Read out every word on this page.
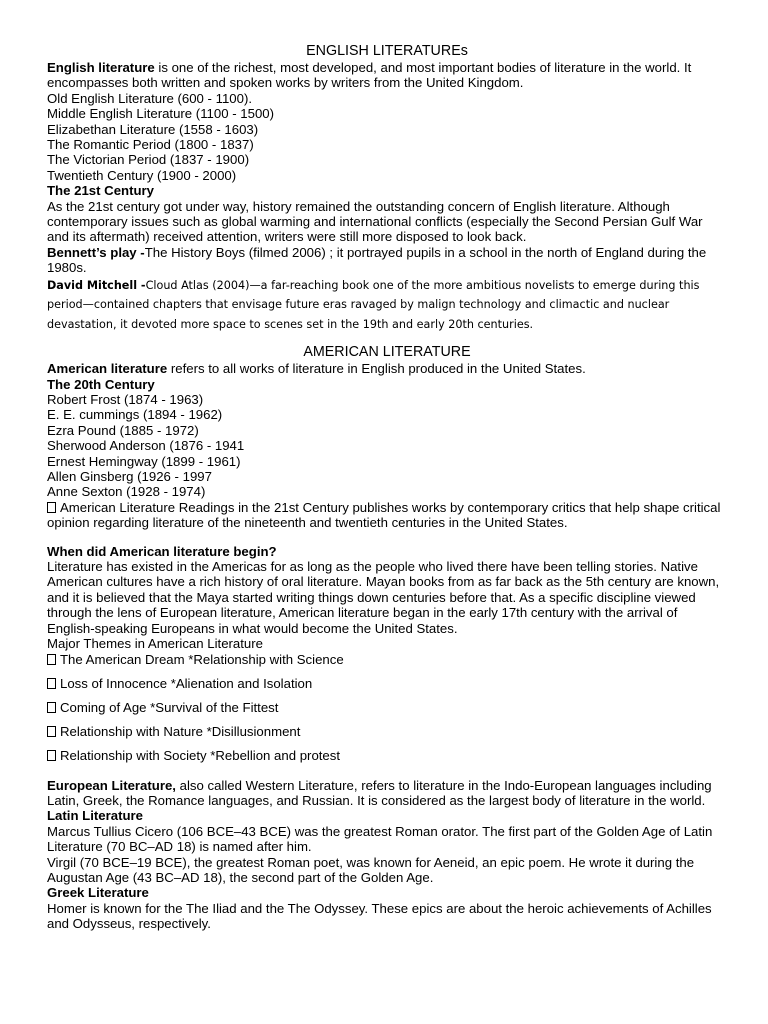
ENGLISH LITERATUREs

English literature is one of the richest, most developed, and most important bodies of literature in the world. It encompasses both written and spoken works by writers from the United Kingdom.

Old English Literature (600 - 1100).

Middle English Literature (1100 - 1500)

Elizabethan Literature (1558 - 1603)

The Romantic Period (1800 - 1837)

The Victorian Period (1837 - 1900)

Twentieth Century (1900 - 2000)

The 21st Century

As the 21st century got under way, history remained the outstanding concern of English literature. Although contemporary issues such as global warming and international conflicts (especially the Second Persian Gulf War and its aftermath) received attention, writers were still more disposed to look back.

Bennett’s play -The History Boys (filmed 2006) ; it portrayed pupils in a school in the north of England during the 1980s.

David Mitchell -Cloud Atlas (2004)—a far-reaching book one of the more ambitious novelists to emerge during this period—contained chapters that envisage future eras ravaged by malign technology and climactic and nuclear devastation, it devoted more space to scenes set in the 19th and early 20th centuries.

AMERICAN LITERATURE

American literature refers to all works of literature in English produced in the United States.

The 20th Century

Robert Frost (1874 - 1963)

E. E. cummings (1894 - 1962)

Ezra Pound (1885 - 1972)

Sherwood Anderson (1876 - 1941

Ernest Hemingway (1899 - 1961)

Allen Ginsberg (1926 - 1997

Anne Sexton (1928 - 1974)

American Literature Readings in the 21st Century publishes works by contemporary critics that help shape critical opinion regarding literature of the nineteenth and twentieth centuries in the United States.

When did American literature begin?

Literature has existed in the Americas for as long as the people who lived there have been telling stories. Native American cultures have a rich history of oral literature. Mayan books from as far back as the 5th century are known, and it is believed that the Maya started writing things down centuries before that. As a specific discipline viewed through the lens of European literature, American literature began in the early 17th century with the arrival of English-speaking Europeans in what would become the United States.

Major Themes in American Literature

The American Dream *Relationship with Science

Loss of Innocence *Alienation and Isolation

Coming of Age *Survival of the Fittest

Relationship with Nature *Disillusionment

Relationship with Society *Rebellion and protest

European Literature, also called Western Literature, refers to literature in the Indo-European languages including Latin, Greek, the Romance languages, and Russian. It is considered as the largest body of literature in the world.

Latin Literature

Marcus Tullius Cicero (106 BCE–43 BCE) was the greatest Roman orator. The first part of the Golden Age of Latin Literature (70 BC–AD 18) is named after him.

Virgil (70 BCE–19 BCE), the greatest Roman poet, was known for Aeneid, an epic poem. He wrote it during the Augustan Age (43 BC–AD 18), the second part of the Golden Age.

Greek Literature

Homer is known for the The Iliad and the The Odyssey. These epics are about the heroic achievements of Achilles and Odysseus, respectively.
